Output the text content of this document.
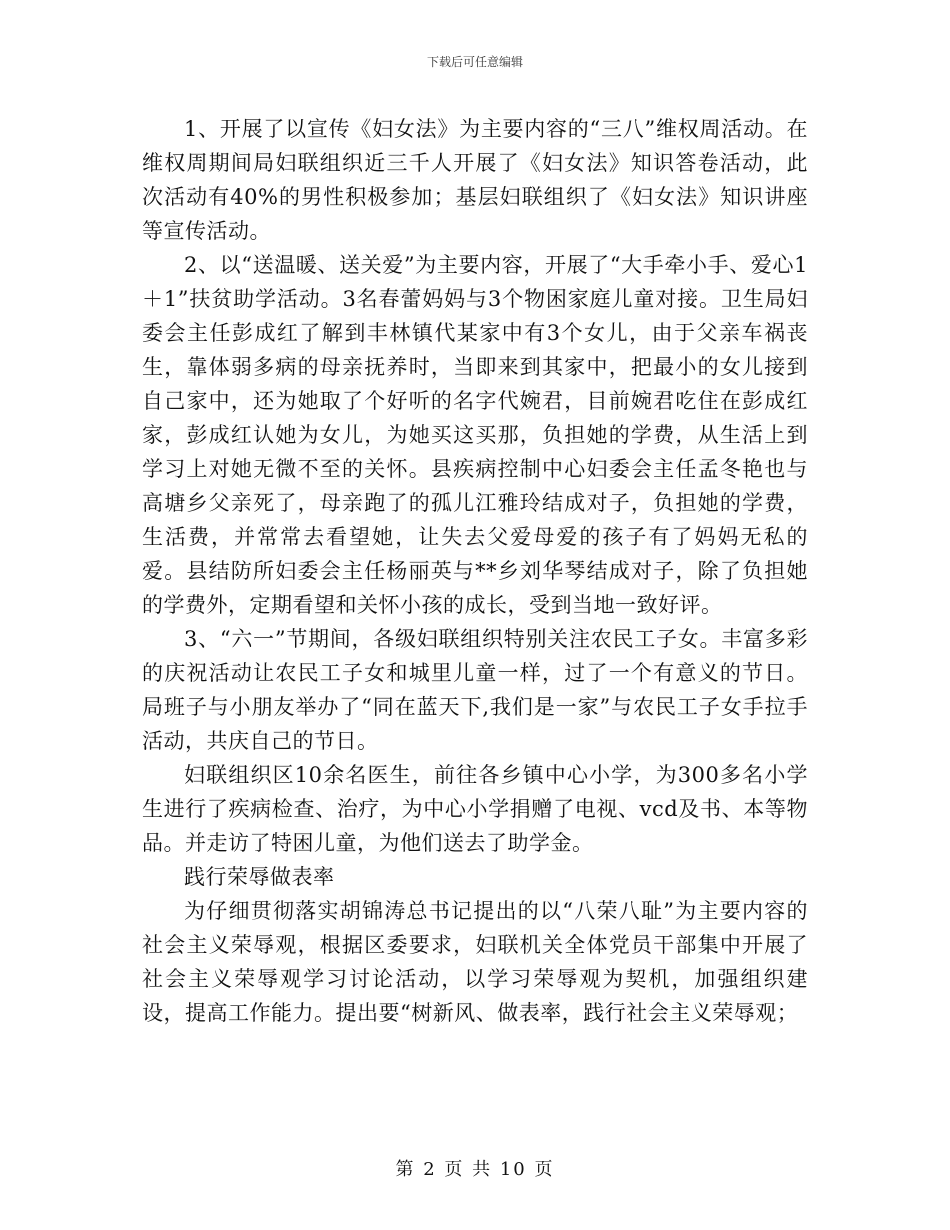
下载后可任意编辑

1、开展了以宣传《妇女法》为主要内容的“三八”维权周活动。在维权周期间局妇联组织近三千人开展了《妇女法》知识答卷活动，此次活动有40%的男性积极参加；基层妇联组织了《妇女法》知识讲座等宣传活动。

2、以“送温暖、送关爱”为主要内容，开展了“大手牵小手、爱心1＋1”扶贫助学活动。3名春蕾妈妈与3个物困家庭儿童对接。卫生局妇委会主任彭成红了解到丰林镇代某家中有3个女儿，由于父亲车祸丧生，靠体弱多病的母亲抚养时，当即来到其家中，把最小的女儿接到自己家中，还为她取了个好听的名字代婉君，目前婉君吃住在彭成红家，彭成红认她为女儿，为她买这买那，负担她的学费，从生活上到学习上对她无微不至的关怀。县疾病控制中心妇委会主任孟冬艳也与高塘乡父亲死了，母亲跑了的孤儿江雅玲结成对子，负担她的学费，生活费，并常常去看望她，让失去父爱母爱的孩子有了妈妈无私的爱。县结防所妇委会主任杨丽英与**乡刘华琴结成对子，除了负担她的学费外，定期看望和关怀小孩的成长，受到当地一致好评。

3、“六一”节期间，各级妇联组织特别关注农民工子女。丰富多彩的庆祝活动让农民工子女和城里儿童一样，过了一个有意义的节日。局班子与小朋友举办了“同在蓝天下,我们是一家”与农民工子女手拉手活动，共庆自己的节日。

妇联组织区10余名医生，前往各乡镇中心小学，为300多名小学生进行了疾病检查、治疗，为中心小学捐赠了电视、vcd及书、本等物品。并走访了特困儿童，为他们送去了助学金。

践行荣辱做表率

为仔细贯彻落实胡锦涛总书记提出的以“八荣八耻”为主要内容的社会主义荣辱观，根据区委要求，妇联机关全体党员干部集中开展了社会主义荣辱观学习讨论活动，以学习荣辱观为契机，加强组织建设，提高工作能力。提出要“树新风、做表率，践行社会主义荣辱观；

第 2 页 共 10 页
